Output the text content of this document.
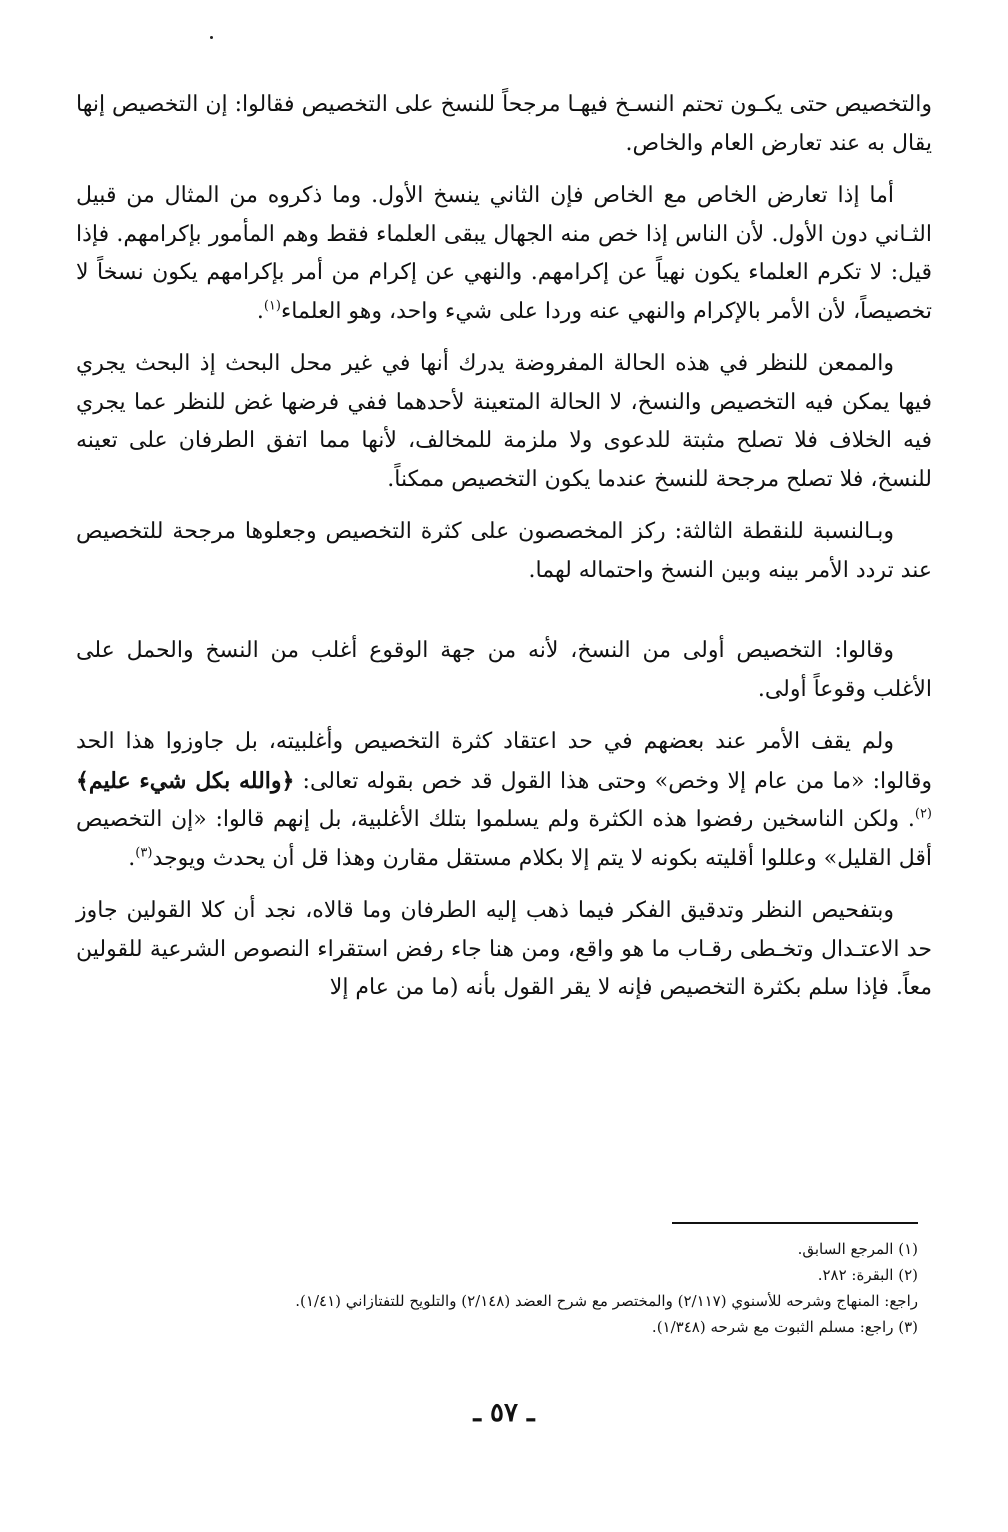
والتخصيص حتى يكـون تحتم النسـخ فيهـا مرجحاً للنسخ على التخصيص فقالوا: إن التخصيص إنها يقال به عند تعارض العام والخاص.

أما إذا تعارض الخاص مع الخاص فإن الثاني ينسخ الأول. وما ذكروه من المثال من قبيل الثـاني دون الأول. لأن الناس إذا خص منه الجهال يبقى العلماء فقط وهم المأمور بإكرامهم. فإذا قيل: لا تكرم العلماء يكون نهياً عن إكرامهم. والنهي عن إكرام من أمر بإكرامهم يكون نسخاً لا تخصيصاً، لأن الأمر بالإكرام والنهي عنه وردا على شيء واحد، وهو العلماء$^{(١)}$.

والممعن للنظر في هذه الحالة المفروضة يدرك أنها في غير محل البحث إذ البحث يجري فيها يمكن فيه التخصيص والنسخ، لا الحالة المتعينة لأحدهما ففي فرضها غض للنظر عما يجري فيه الخلاف فلا تصلح مثبتة للدعوى ولا ملزمة للمخالف، لأنها مما اتفق الطرفان على تعينه للنسخ، فلا تصلح مرجحة للنسخ عندما يكون التخصيص ممكناً.

وبـالنسبة للنقطة الثالثة: ركز المخصصون على كثرة التخصيص وجعلوها مرجحة للتخصيص عند تردد الأمر بينه وبين النسخ واحتماله لهما.

وقالوا: التخصيص أولى من النسخ، لأنه من جهة الوقوع أغلب من النسخ والحمل على الأغلب وقوعاً أولى.

ولم يقف الأمر عند بعضهم في حد اعتقاد كثرة التخصيص وأغلبيته، بل جاوزوا هذا الحد وقالوا: «ما من عام إلا وخص» وحتى هذا القول قد خص بقوله تعالى: ﴿والله بكل شيء عليم﴾$^{(٢)}$. ولكن الناسخين رفضوا هذه الكثرة ولم يسلموا بتلك الأغلبية، بل إنهم قالوا: «إن التخصيص أقل القليل» وعللوا أقليته بكونه لا يتم إلا بكلام مستقل مقارن وهذا قل أن يحدث ويوجد$^{(٣)}$.

وبتفحيص النظر وتدقيق الفكر فيما ذهب إليه الطرفان وما قالاه، نجد أن كلا القولين جاوز حد الاعتـدال وتخـطى رقـاب ما هو واقع، ومن هنا جاء رفض استقراء النصوص الشرعية للقولين معاً. فإذا سلم بكثرة التخصيص فإنه لا يقر القول بأنه (ما من عام إلا

(١) المرجع السابق.

(٢) البقرة: ٢٨٢.

راجع: المنهاج وشرحه للأسنوي (٢/١١٧) والمختصر مع شرح العضد (٢/١٤٨) والتلويح للتفتازاني (١/٤١).

(٣) راجع: مسلم الثبوت مع شرحه (١/٣٤٨).

ـ ٥٧ ـ
